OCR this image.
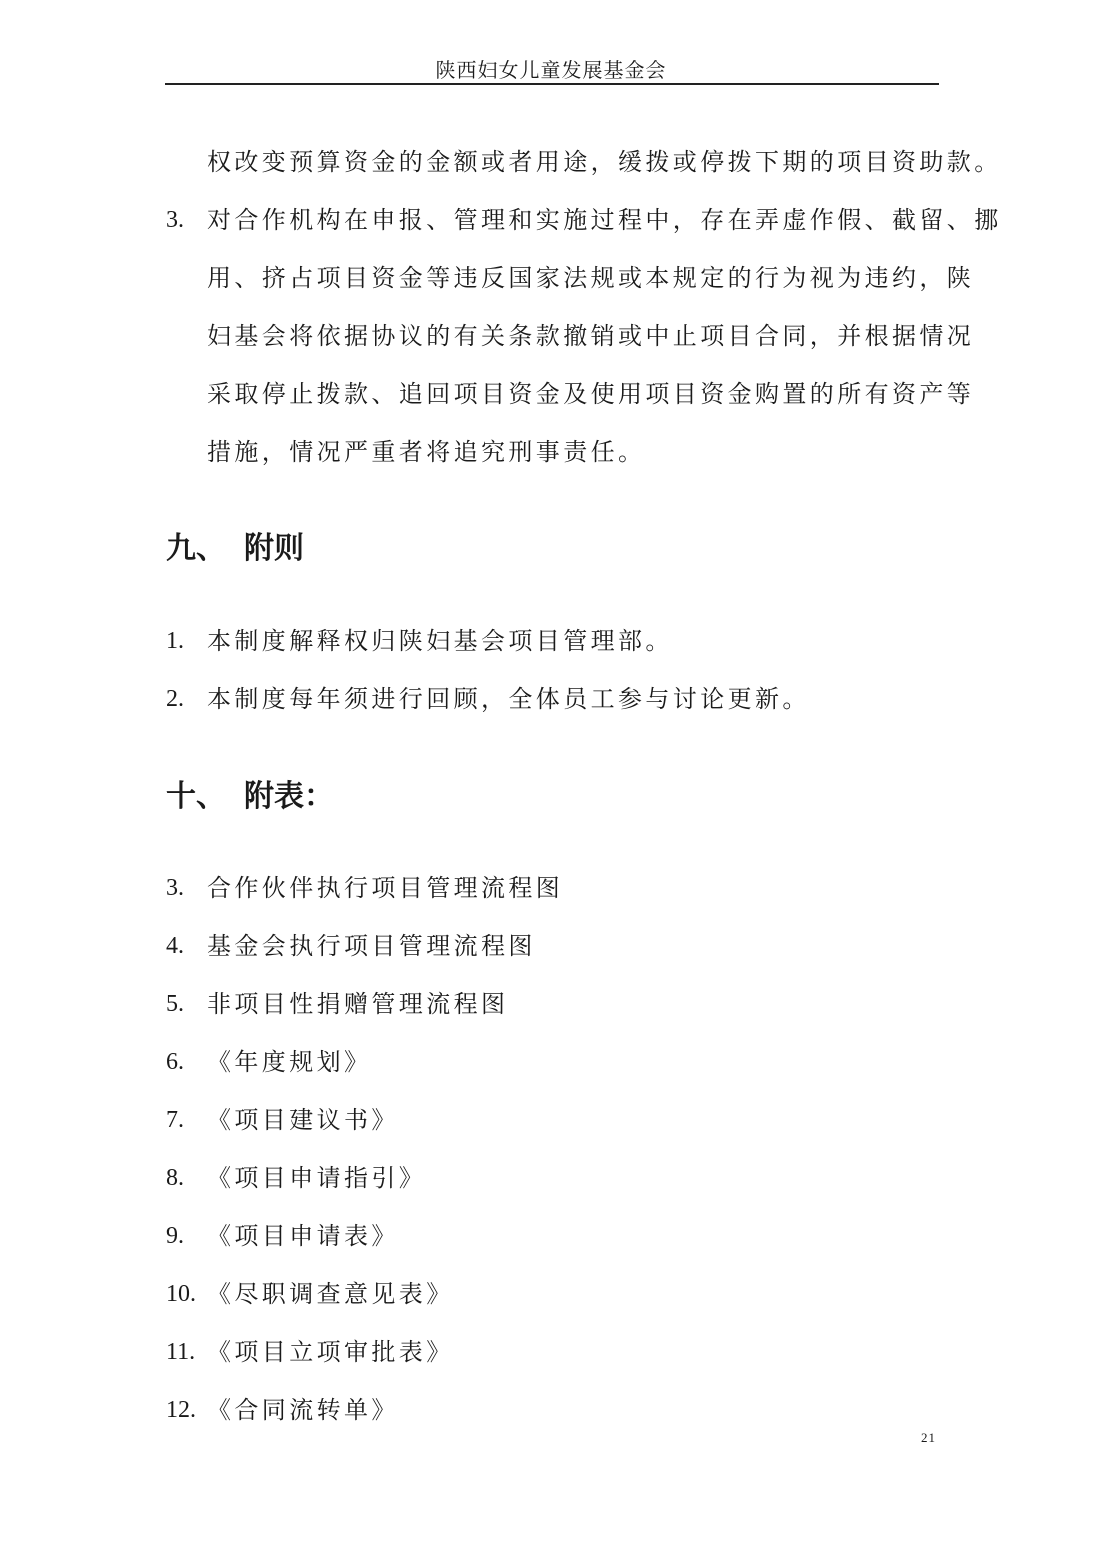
陕西妇女儿童发展基金会
权改变预算资金的金额或者用途，缓拨或停拨下期的项目资助款。
3. 对合作机构在申报、管理和实施过程中，存在弄虚作假、截留、挪
用、挤占项目资金等违反国家法规或本规定的行为视为违约，陕
妇基会将依据协议的有关条款撤销或中止项目合同，并根据情况
采取停止拨款、追回项目资金及使用项目资金购置的所有资产等
措施，情况严重者将追究刑事责任。
九、 附则
1. 本制度解释权归陕妇基会项目管理部。
2. 本制度每年须进行回顾，全体员工参与讨论更新。
十、 附表：
3. 合作伙伴执行项目管理流程图
4. 基金会执行项目管理流程图
5. 非项目性捐赠管理流程图
6. 《年度规划》
7. 《项目建议书》
8. 《项目申请指引》
9. 《项目申请表》
10. 《尽职调查意见表》
11. 《项目立项审批表》
12. 《合同流转单》
21
